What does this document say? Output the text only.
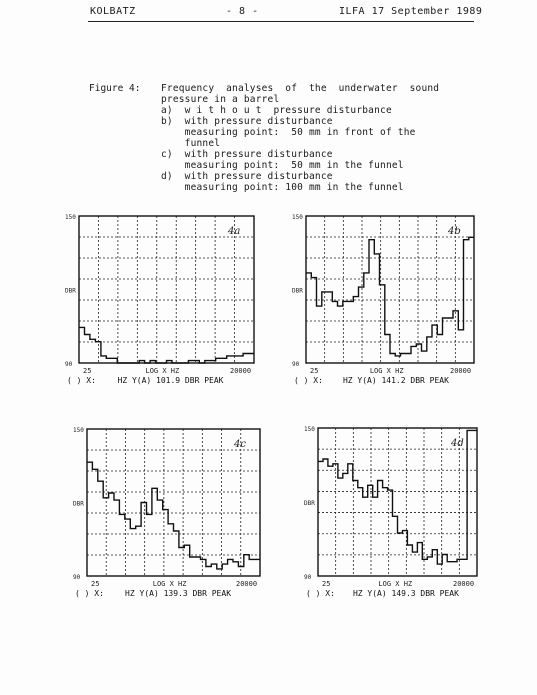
KOLBATZ	- 8 -	ILFA 17 September 1989
Figure 4: Frequency  analyses  of  the  underwater  sound
pressure in a barrel
a)  w i t h o u t  pressure disturbance
b)  with pressure disturbance
measuring point:  50 mm in front of the
funnel
c)  with pressure disturbance
measuring point:  50 mm in the funnel
d)  with pressure disturbance
measuring point: 100 mm in the funnel
150
DBR
90
4a
25	20000
LOG X HZ
( ) X:	HZ Y(A) 101.9 DBR PEAK
150
DBR
90
4b
25	20000
LOG X HZ
( ) X:	HZ Y(A) 141.2 DBR PEAK
150
DBR
90
4c
25	20000
LOG X HZ
( ) X:	HZ Y(A) 139.3 DBR PEAK
150
DBR
90
4d
25	20000
LOG X HZ
( ) X: HZ Y(A) 149.3 DBR PEAK
